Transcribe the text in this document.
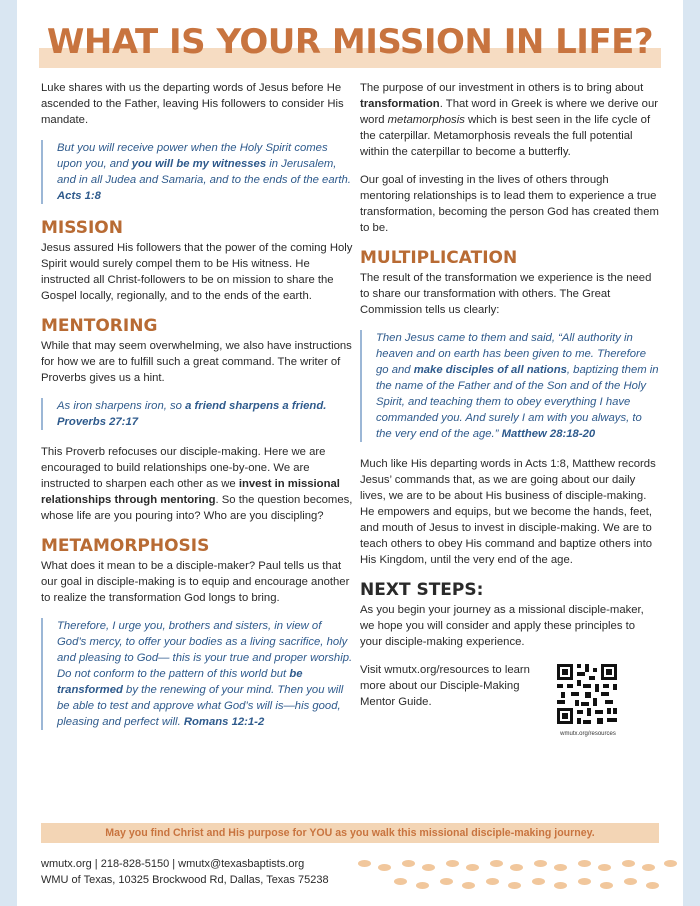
WHAT IS YOUR MISSION IN LIFE?

Luke shares with us the departing words of Jesus before He ascended to the Father, leaving His followers to consider His mandate.

But you will receive power when the Holy Spirit comes upon you, and you will be my witnesses in Jerusalem, and in all Judea and Samaria, and to the ends of the earth. Acts 1:8
MISSION

Jesus assured His followers that the power of the coming Holy Spirit would surely compel them to be His witness. He instructed all Christ-followers to be on mission to share the Gospel locally, regionally, and to the ends of the earth.

MENTORING

While that may seem overwhelming, we also have instructions for how we are to fulfill such a great command. The writer of Proverbs gives us a hint.

As iron sharpens iron, so a friend sharpens a friend. Proverbs 27:17

This Proverb refocuses our disciple-making. Here we are encouraged to build relationships one-by-one. We are instructed to sharpen each other as we invest in missional relationships through mentoring. So the question becomes, whose life are you pouring into? Who are you discipling?

METAMORPHOSIS

What does it mean to be a disciple-maker? Paul tells us that our goal in disciple-making is to equip and encourage another to realize the transformation God longs to bring.

Therefore, I urge you, brothers and sisters, in view of God’s mercy, to offer your bodies as a living sacrifice, holy and pleasing to God— this is your true and proper worship. Do not conform to the pattern of this world but be transformed by the renewing of your mind. Then you will be able to test and approve what God’s will is—his good, pleasing and perfect will. Romans 12:1-2

The purpose of our investment in others is to bring about transformation. That word in Greek is where we derive our word metamorphosis which is best seen in the life cycle of the caterpillar. Metamorphosis reveals the full potential within the caterpillar to become a butterfly.

Our goal of investing in the lives of others through mentoring relationships is to lead them to experience a true transformation, becoming the person God has created them to be.

MULTIPLICATION

The result of the transformation we experience is the need to share our transformation with others. The Great Commission tells us clearly:

Then Jesus came to them and said, “All authority in heaven and on earth has been given to me. Therefore go and make disciples of all nations, baptizing them in the name of the Father and of the Son and of the Holy Spirit, and teaching them to obey everything I have commanded you. And surely I am with you always, to the very end of the age.” Matthew 28:18-20

Much like His departing words in Acts 1:8, Matthew records Jesus’ commands that, as we are going about our daily lives, we are to be about His business of disciple-making. He empowers and equips, but we become the hands, feet, and mouth of Jesus to invest in disciple-making. We are to teach others to obey His command and baptize others into His Kingdom, until the very end of the age.

NEXT STEPS:

As you begin your journey as a missional disciple-maker, we hope you will consider and apply these principles to your disciple-making experience.

Visit wmutx.org/resources to learn more about our Disciple-Making Mentor Guide.
wmutx.org/resources
May you find Christ and His purpose for YOU as you walk this missional disciple-making journey.
wmutx.org | 218-828-5150 | wmutx@texasbaptists.org
WMU of Texas, 10325 Brockwood Rd, Dallas, Texas 75238
